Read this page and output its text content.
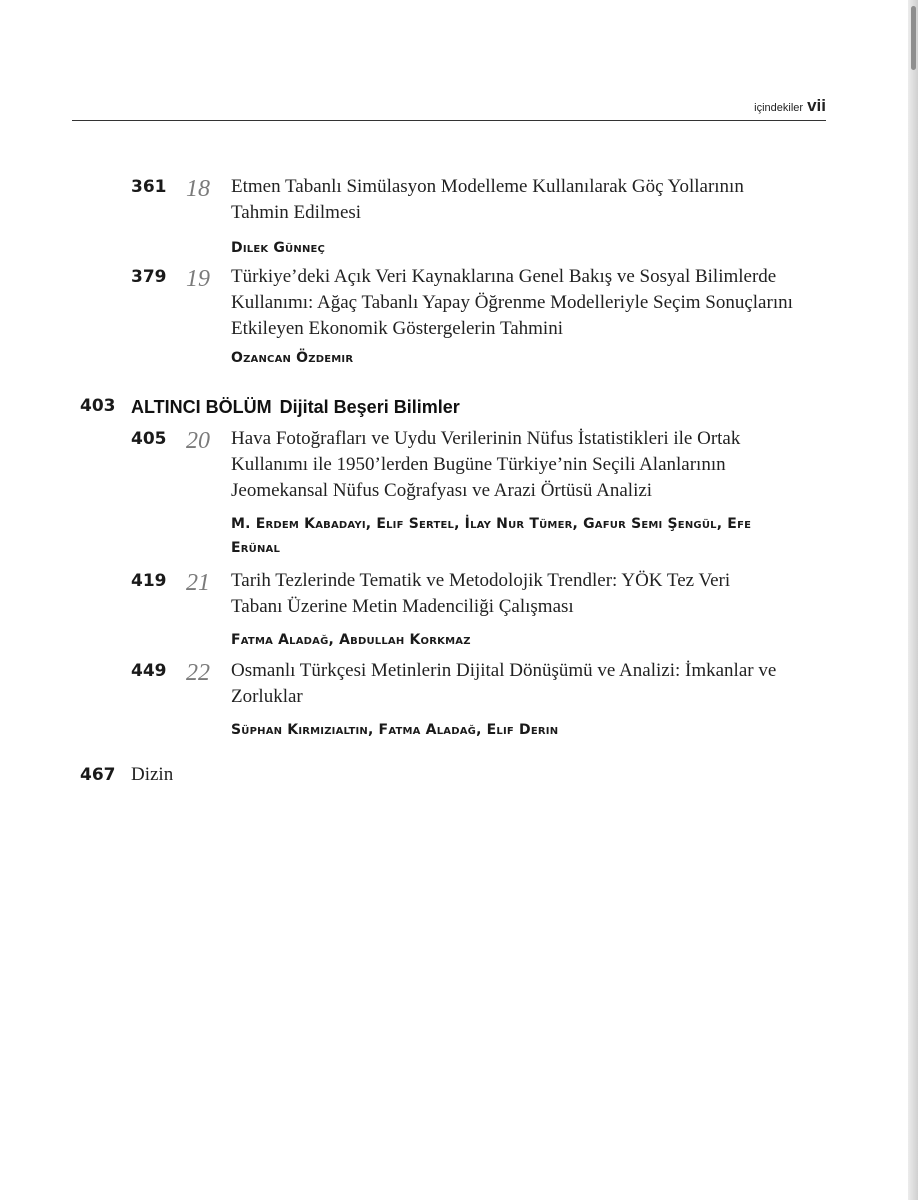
içindekiler vii
361 18	Etmen Tabanlı Simülasyon Modelleme Kullanılarak Göç Yollarının
Tahmin Edilmesi
Dilek Günneç
379 19	Türkiye’deki Açık Veri Kaynaklarına Genel Bakış ve Sosyal Bilimlerde
Kullanımı: Ağaç Tabanlı Yapay Öğrenme Modelleriyle Seçim Sonuçlarını
Etkileyen Ekonomik Göstergelerin Tahmini
Ozancan Özdemir
403 ALTINCI BÖLÜM Dijital Beşeri Bilimler
405 20	Hava Fotoğrafları ve Uydu Verilerinin Nüfus İstatistikleri ile Ortak
Kullanımı ile 1950’lerden Bugüne Türkiye’nin Seçili Alanlarının
Jeomekansal Nüfus Coğrafyası ve Arazi Örtüsü Analizi
M. Erdem Kabadayı, Elif Sertel, İlay Nur Tümer, Gafur Semi Şengül, Efe
Erünal
419 21	Tarih Tezlerinde Tematik ve Metodolojik Trendler: YÖK Tez Veri
Tabanı Üzerine Metin Madenciliği Çalışması
Fatma Aladağ, Abdullah Korkmaz
449 22	Osmanlı Türkçesi Metinlerin Dijital Dönüşümü ve Analizi: İmkanlar ve
Zorluklar
Süphan Kırmızıaltın, Fatma Aladağ, Elif Derin
467 Dizin
